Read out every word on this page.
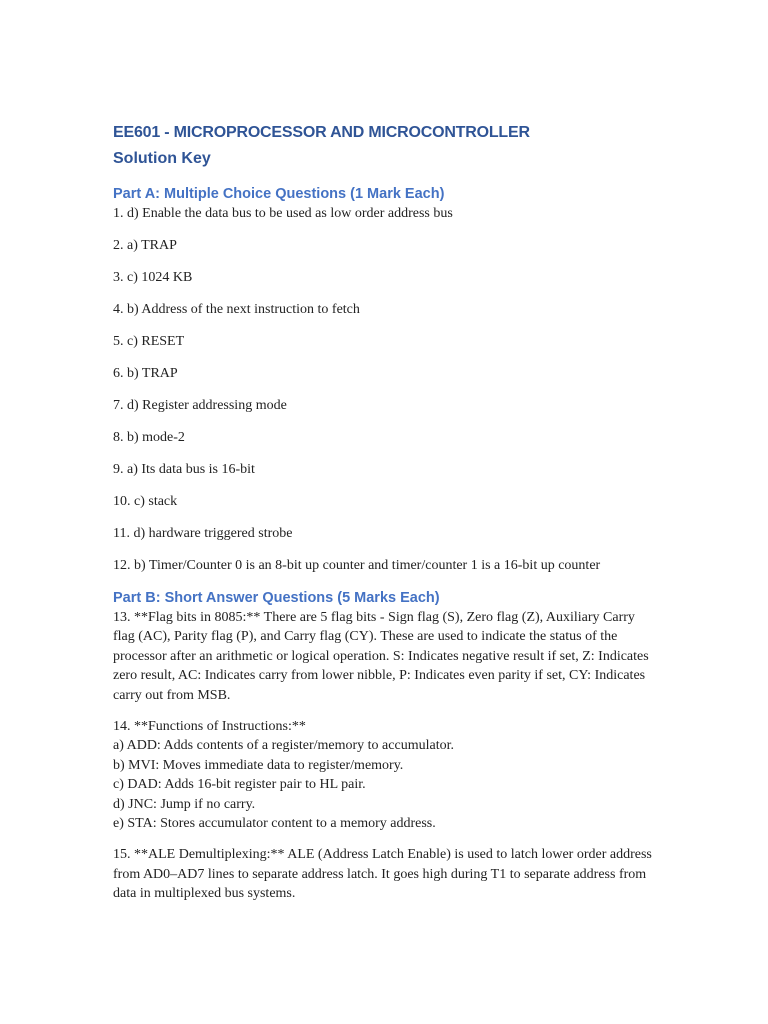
EE601 - MICROPROCESSOR AND MICROCONTROLLER
Solution Key
Part A: Multiple Choice Questions (1 Mark Each)

1. d) Enable the data bus to be used as low order address bus

2. a) TRAP

3. c) 1024 KB

4. b) Address of the next instruction to fetch

5. c) RESET

6. b) TRAP

7. d) Register addressing mode

8. b) mode-2

9. a) Its data bus is 16-bit

10. c) stack

11. d) hardware triggered strobe

12. b) Timer/Counter 0 is an 8-bit up counter and timer/counter 1 is a 16-bit up counter

Part B: Short Answer Questions (5 Marks Each)

13. **Flag bits in 8085:** There are 5 flag bits - Sign flag (S), Zero flag (Z), Auxiliary Carry flag (AC), Parity flag (P), and Carry flag (CY). These are used to indicate the status of the processor after an arithmetic or logical operation. S: Indicates negative result if set, Z: Indicates zero result, AC: Indicates carry from lower nibble, P: Indicates even parity if set, CY: Indicates carry out from MSB.

14. **Functions of Instructions:**
a) ADD: Adds contents of a register/memory to accumulator.
b) MVI: Moves immediate data to register/memory.
c) DAD: Adds 16-bit register pair to HL pair.
d) JNC: Jump if no carry.
e) STA: Stores accumulator content to a memory address.

15. **ALE Demultiplexing:** ALE (Address Latch Enable) is used to latch lower order address from AD0–AD7 lines to separate address latch. It goes high during T1 to separate address from data in multiplexed bus systems.
